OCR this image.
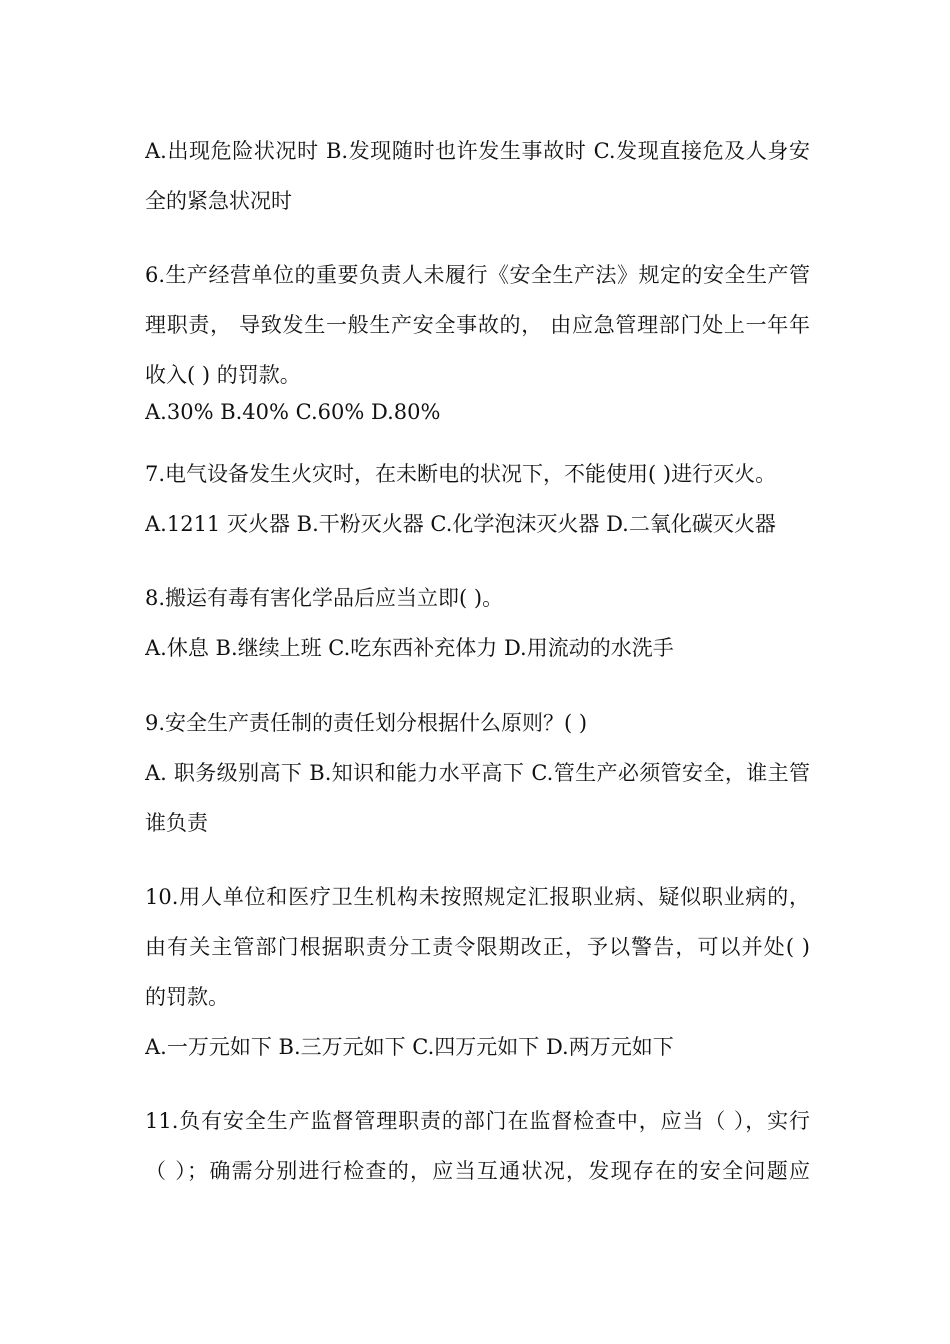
A.出现危险状况时 B.发现随时也许发生事故时 C.发现直接危及人身安
全的紧急状况时
6.生产经营单位的重要负责人未履行《安全生产法》规定的安全生产管
理职责， 导致发生一般生产安全事故的， 由应急管理部门处上一年年
收入( ) 的罚款。
A.30% B.40% C.60% D.80%
7.电气设备发生火灾时，在未断电的状况下，不能使用( )进行灭火。
A.1211 灭火器 B.干粉灭火器 C.化学泡沫灭火器 D.二氧化碳灭火器
8.搬运有毒有害化学品后应当立即( )。
A.休息 B.继续上班 C.吃东西补充体力 D.用流动的水洗手
9.安全生产责任制的责任划分根据什么原则？( )
A. 职务级别高下 B.知识和能力水平高下 C.管生产必须管安全，谁主管
谁负责
10.用人单位和医疗卫生机构未按照规定汇报职业病、疑似职业病的，
由有关主管部门根据职责分工责令限期改正，予以警告，可以并处( )
的罚款。
A.一万元如下 B.三万元如下 C.四万元如下 D.两万元如下
11.负有安全生产监督管理职责的部门在监督检查中，应当（ ），实行
（ ）；确需分别进行检查的，应当互通状况，发现存在的安全问题应
